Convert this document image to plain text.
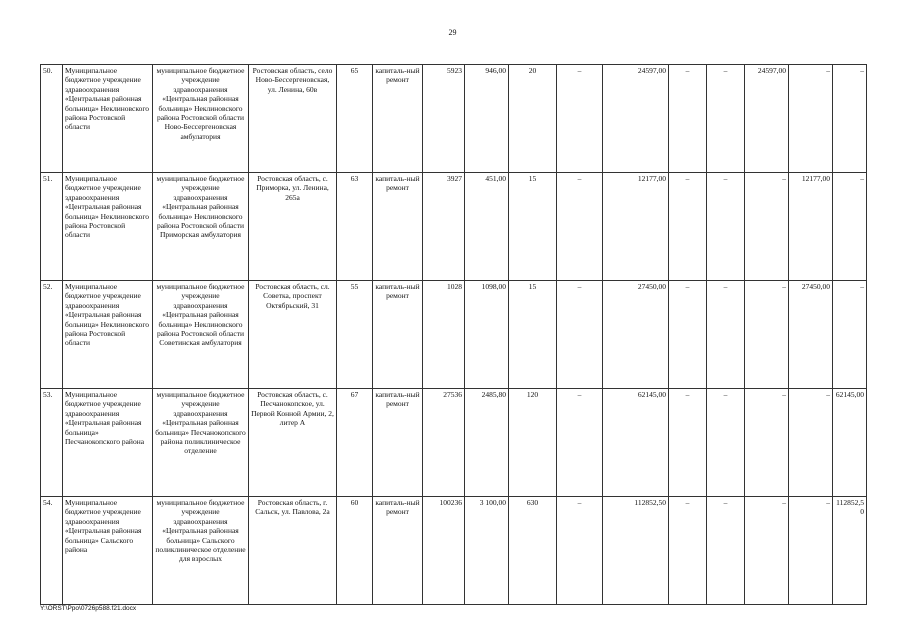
29
50.	Муниципальное бюджетное учреждение здравоохранения «Центральная районная больница» Неклиновского района Ростовской области	муниципальное бюджетное учреждение здравоохранения «Центральная районная больница» Неклиновского района Ростовской области Ново-Бессергеновская амбулатория	Ростовская область, село Ново-Бессергеновская, ул. Ленина, 60в	65	капиталь-ный ремонт	5923	946,00	20	–	24597,00	–	–	24597,00	–	–
51.	Муниципальное бюджетное учреждение здравоохранения «Центральная районная больница» Неклиновского района Ростовской области	муниципальное бюджетное учреждение здравоохранения «Центральная районная больница» Неклиновского района Ростовской области Приморская амбулатория	Ростовская область, с. Приморка, ул. Ленина, 265а	63	капиталь-ный ремонт	3927	451,00	15	–	12177,00	–	–	–	12177,00	–
52.	Муниципальное бюджетное учреждение здравоохранения «Центральная районная больница» Неклиновского района Ростовской области	муниципальное бюджетное учреждение здравоохранения «Центральная районная больница» Неклиновского района Ростовской области Советинская амбулатория	Ростовская область, сл. Советка, проспект Октябрьский, 31	55	капиталь-ный ремонт	1028	1098,00	15	–	27450,00	–	–	–	27450,00	–
53.	Муниципальное бюджетное учреждение здравоохранения «Центральная районная больница» Песчанокопского района	муниципальное бюджетное учреждение здравоохранения «Центральная районная больница» Песчанокопского района поликлиническое отделение	Ростовская область, с. Песчанокопское, ул. Первой Конной Армии, 2, литер А	67	капиталь-ный ремонт	27536	2485,80	120	–	62145,00	–	–	–	–	62145,00
54.	Муниципальное бюджетное учреждение здравоохранения «Центральная районная больница» Сальского района	муниципальное бюджетное учреждение здравоохранения «Центральная районная больница» Сальского поликлиническое отделение для взрослых	Ростовская область, г. Сальск, ул. Павлова, 2а	60	капиталь-ный ремонт	100236	3 100,00	630	–	112852,50	–	–	–	–	112852,50
Y:\ORST\Ppo\0726p588.f21.docx
